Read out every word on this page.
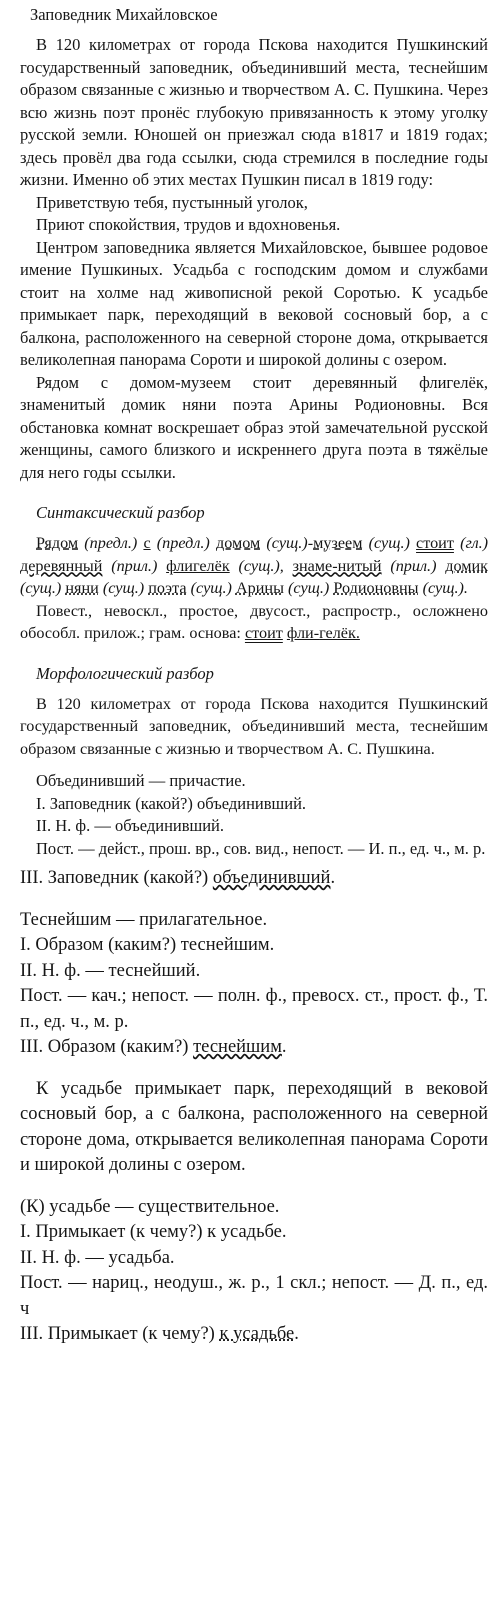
Заповедник Михайловское

В 120 километрах от города Пскова находится Пушкинский государственный заповедник, объединивший места, теснейшим образом связанные с жизнью и творчеством А. С. Пушкина. Через всю жизнь поэт пронёс глубокую привязанность к этому уголку русской земли. Юношей он приезжал сюда в1817 и 1819 годах; здесь провёл два года ссылки, сюда стремился в последние годы жизни. Именно об этих местах Пушкин писал в 1819 году:

Приветствую тебя, пустынный уголок,

Приют спокойствия, трудов и вдохновенья.

Центром заповедника является Михайловское, бывшее родовое имение Пушкиных. Усадьба с господским домом и службами стоит на холме над живописной рекой Соротью. К усадьбе примыкает парк, переходящий в вековой сосновый бор, а с балкона, расположенного на северной стороне дома, открывается великолепная панорама Сороти и широкой долины с озером.

Рядом с домом-музеем стоит деревянный флигелёк, знаменитый домик няни поэта Арины Родионовны. Вся обстановка комнат воскрешает образ этой замечательной русской женщины, самого близкого и искреннего друга поэта в тяжёлые для него годы ссылки.

Синтаксический разбор

Рядом (предл.) с (предл.) домом (сущ.)-музеем (сущ.) стоит (гл.) деревянный (прил.) флигелёк (сущ.), знаме-нитый (прил.) домик (сущ.) няни (сущ.) поэта (сущ.) Арины (сущ.) Родионовны (сущ.).

Повест., невоскл., простое, двусост., распростр., осложнено обособл. прилож.; грам. основа: стоит фли-гелёк.

Морфологический разбор

В 120 километрах от города Пскова находится Пушкинский государственный заповедник, объединивший места, теснейшим образом связанные с жизнью и творчеством А. С. Пушкина.

Объединивший — причастие.

I. Заповедник (какой?) объединивший.

II. Н. ф. — объединивший.

Пост. — дейст., прош. вр., сов. вид., непост. — И. п., ед. ч., м. р.

III. Заповедник (какой?) объединивший.

Теснейшим — прилагательное.

I. Образом (каким?) теснейшим.

II. Н. ф. — теснейший.

Пост. — кач.; непост. — полн. ф., превосх. ст., прост. ф., Т. п., ед. ч., м. р.

III. Образом (каким?) теснейшим.

К усадьбе примыкает парк, переходящий в вековой сосновый бор, а с балкона, расположенного на северной стороне дома, открывается великолепная панорама Сороти и широкой долины с озером.

(К) усадьбе — существительное.

I. Примыкает (к чему?) к усадьбе.

II. Н. ф. — усадьба.

Пост. — нариц., неодуш., ж. р., 1 скл.; непост. — Д. п., ед. ч

III. Примыкает (к чему?) к усадьбе.
